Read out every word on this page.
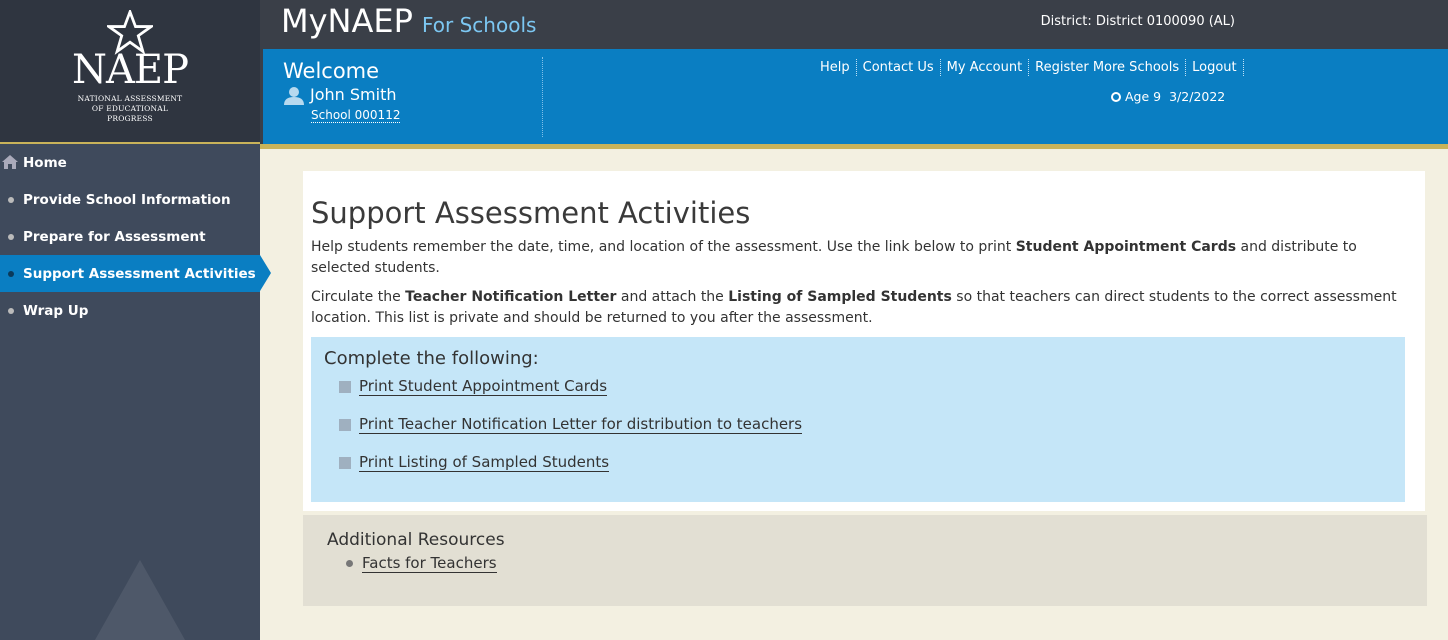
NAEP
NATIONAL ASSESSMENT
OF EDUCATIONAL
PROGRESS
Home
Provide School Information
Prepare for Assessment
Support Assessment Activities
Wrap Up
MyNAEP For Schools	District: District 0100090 (AL)
Welcome
John Smith
School 000112
Help	Contact Us	My Account	Register More Schools	Logout
Age 9 3/2/2022
Support Assessment Activities

Help students remember the date, time, and location of the assessment. Use the link below to print Student Appointment Cards and distribute to selected students.

Circulate the Teacher Notification Letter and attach the Listing of Sampled Students so that teachers can direct students to the correct assessment location. This list is private and should be returned to you after the assessment.

Complete the following:
Print Student Appointment Cards
Print Teacher Notification Letter for distribution to teachers
Print Listing of Sampled Students
Additional Resources
Facts for Teachers
